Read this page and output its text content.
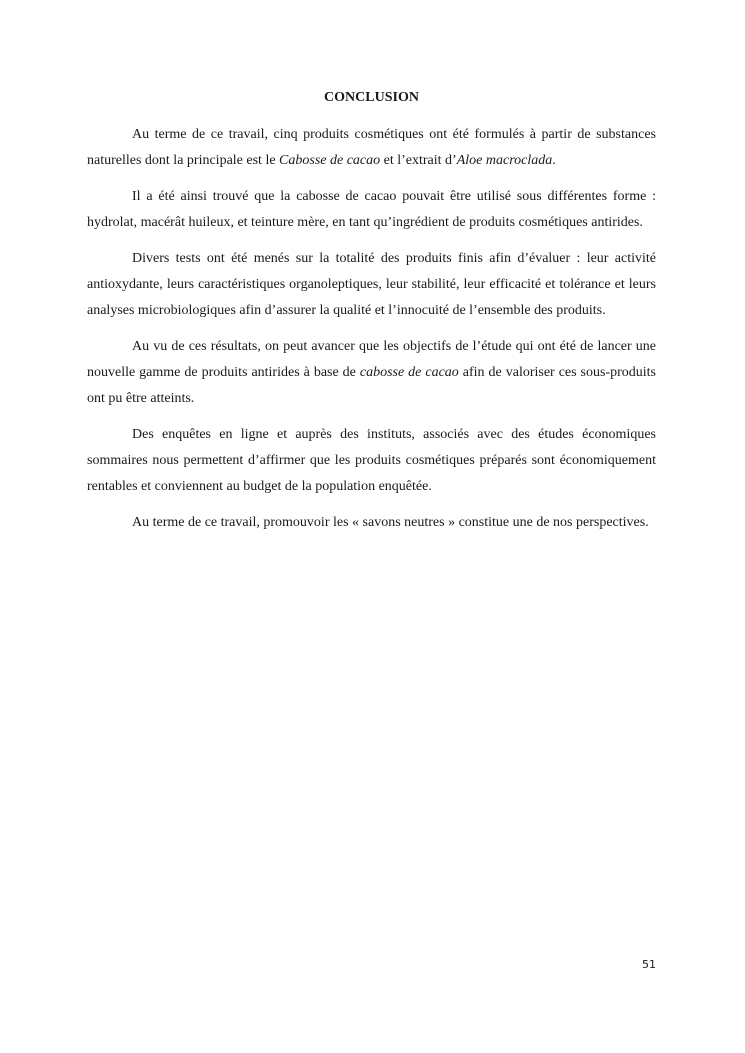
CONCLUSION

Au terme de ce travail, cinq produits cosmétiques ont été formulés à partir de substances naturelles dont la principale est le Cabosse de cacao et l’extrait d’Aloe macroclada.

Il a été ainsi trouvé que la cabosse de cacao pouvait être utilisé sous différentes forme : hydrolat, macérât huileux, et teinture mère, en tant qu’ingrédient de produits cosmétiques antirides.

Divers tests ont été menés sur la totalité des produits finis afin d’évaluer : leur activité antioxydante, leurs caractéristiques organoleptiques, leur stabilité, leur efficacité et tolérance et leurs analyses microbiologiques afin d’assurer la qualité et l’innocuité de l’ensemble des produits.

Au vu de ces résultats, on peut avancer que les objectifs de l’étude qui ont été de lancer une nouvelle gamme de produits antirides à base de cabosse de cacao afin de valoriser ces sous-produits ont pu être atteints.

Des enquêtes en ligne et auprès des instituts, associés avec des études économiques sommaires nous permettent d’affirmer que les produits cosmétiques préparés sont économiquement rentables et conviennent au budget de la population enquêtée.

Au terme de ce travail, promouvoir les « savons neutres » constitue une de nos perspectives.

51
